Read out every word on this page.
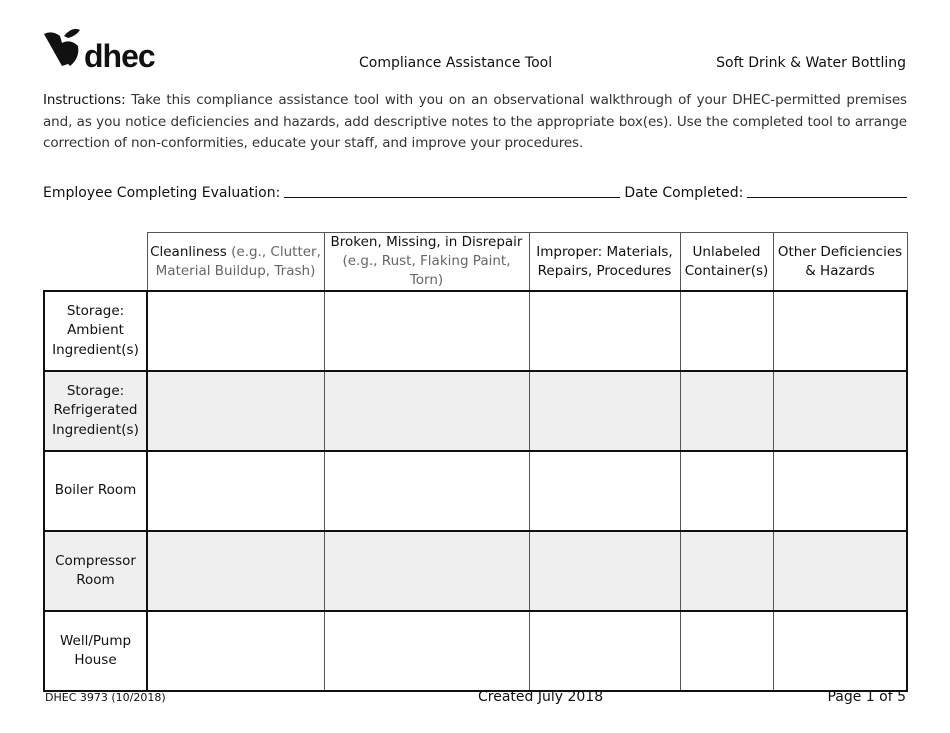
dhec	Compliance Assistance Tool	Soft Drink & Water Bottling
Instructions: Take this compliance assistance tool with you on an observational walkthrough of your DHEC-permitted premises and, as you notice deficiencies and hazards, add descriptive notes to the appropriate box(es). Use the completed tool to arrange correction of non-conformities, educate your staff, and improve your procedures.
Employee Completing Evaluation:	Date Completed:
	Cleanliness (e.g., Clutter, Material Buildup, Trash)	Broken, Missing, in Disrepair (e.g., Rust, Flaking Paint, Torn)	Improper: Materials, Repairs, Procedures	Unlabeled Container(s)	Other Deficiencies & Hazards
Storage: Ambient Ingredient(s)					
Storage: Refrigerated Ingredient(s)					
Boiler Room					
Compressor Room					
Well/Pump House					
DHEC 3973 (10/2018)	Created July 2018	Page 1 of 5
